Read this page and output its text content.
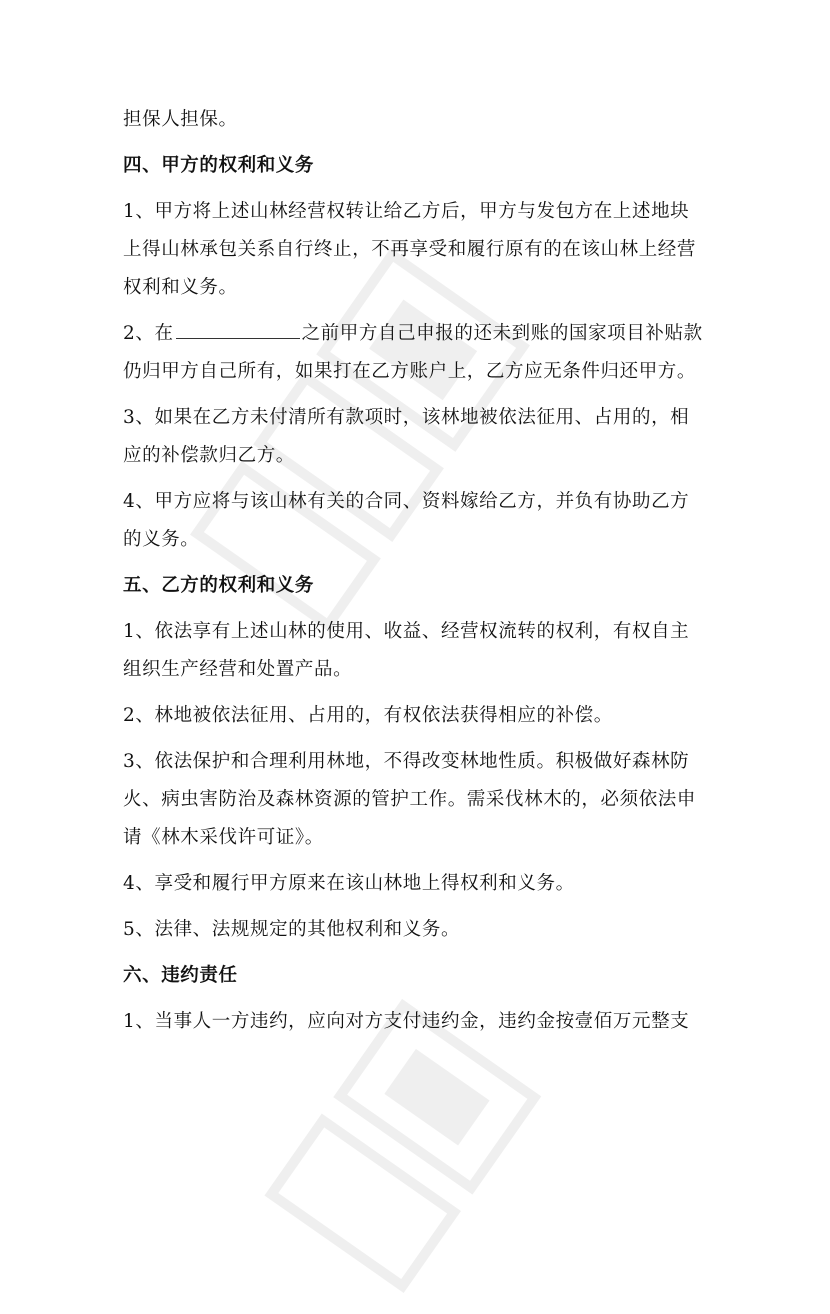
担保人担保。

四、甲方的权利和义务

1、甲方将上述山林经营权转让给乙方后，甲方与发包方在上述地块

上得山林承包关系自行终止，不再享受和履行原有的在该山林上经营

权利和义务。

2、在	之前甲方自己申报的还未到账的国家项目补贴款

仍归甲方自己所有，如果打在乙方账户上，乙方应无条件归还甲方。

3、如果在乙方未付清所有款项时，该林地被依法征用、占用的，相

应的补偿款归乙方。

4、甲方应将与该山林有关的合同、资料嫁给乙方，并负有协助乙方

的义务。

五、乙方的权利和义务

1、依法享有上述山林的使用、收益、经营权流转的权利，有权自主

组织生产经营和处置产品。

2、林地被依法征用、占用的，有权依法获得相应的补偿。

3、依法保护和合理利用林地，不得改变林地性质。积极做好森林防

火、病虫害防治及森林资源的管护工作。需采伐林木的，必须依法申

请《林木采伐许可证》。

4、享受和履行甲方原来在该山林地上得权利和义务。

5、法律、法规规定的其他权利和义务。

六、违约责任

1、当事人一方违约，应向对方支付违约金，违约金按壹佰万元整支
